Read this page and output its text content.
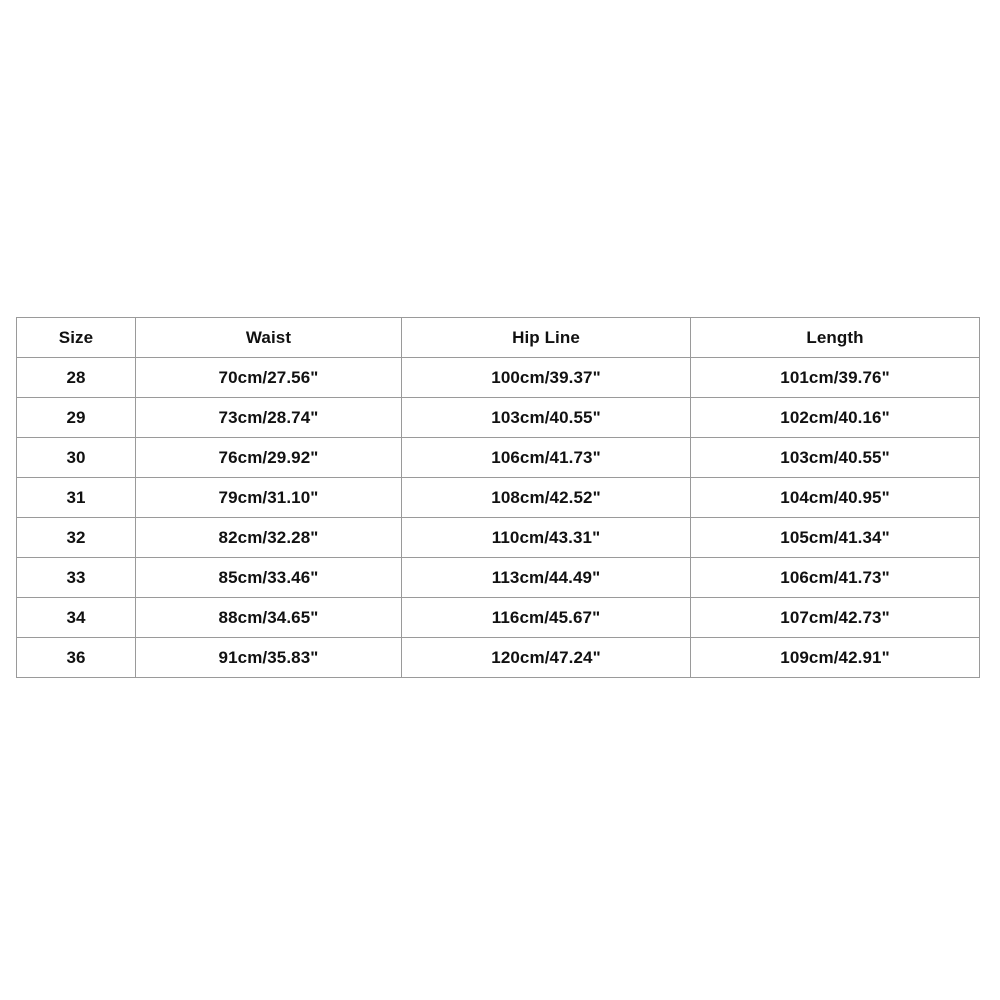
Size	Waist	Hip Line	Length
28	70cm/27.56"	100cm/39.37"	101cm/39.76"
29	73cm/28.74"	103cm/40.55"	102cm/40.16"
30	76cm/29.92"	106cm/41.73"	103cm/40.55"
31	79cm/31.10"	108cm/42.52"	104cm/40.95"
32	82cm/32.28"	110cm/43.31"	105cm/41.34"
33	85cm/33.46"	113cm/44.49"	106cm/41.73"
34	88cm/34.65"	116cm/45.67"	107cm/42.73"
36	91cm/35.83"	120cm/47.24"	109cm/42.91"
